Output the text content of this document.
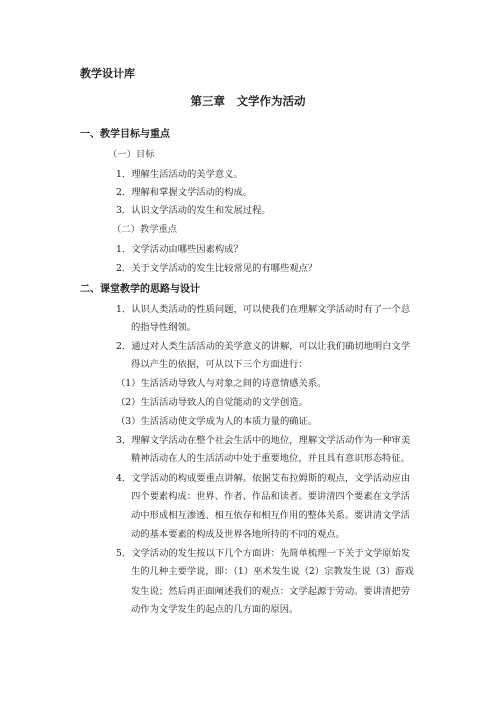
教学设计库
第三章　文学作为活动
一、教学目标与重点
（一）目标
1．理解生活活动的美学意义。
2．理解和掌握文学活动的构成。
3．认识文学活动的发生和发展过程。
（二）教学重点
1．文学活动由哪些因素构成？
2．关于文学活动的发生比较常见的有哪些观点？
二、课堂教学的思路与设计
1．认识人类活动的性质问题，可以使我们在理解文学活动时有了一个总
的指导性纲领。
2．通过对人类生活活动的美学意义的讲解，可以让我们确切地明白文学
得以产生的依据，可从以下三个方面进行：
（1）生活活动导致人与对象之间的诗意情感关系。
（2）生活活动导致人的自觉能动的文学创造。
（3）生活活动使文学成为人的本质力量的确证。
3．理解文学活动在整个社会生活中的地位，理解文学活动作为一种审美
精神活动在人的生活活动中处于重要地位，并且具有意识形态特征。
4．文学活动的构成要重点讲解。依据艾布拉姆斯的观点，文学活动应由
四个要素构成：世界、作者、作品和读者。要讲清四个要素在文学活
动中形成相互渗透、相互依存和相互作用的整体关系。要讲清文学活
动的基本要素的构成及世界各地所持的不同的观点。
5．文学活动的发生按以下几个方面讲：先简单梳理一下关于文学原始发
生的几种主要学说，即：（1）巫术发生说（2）宗教发生说（3）游戏
发生说；然后再正面阐述我们的观点：文学起源于劳动。要讲清把劳
动作为文学发生的起点的几方面的原因。
